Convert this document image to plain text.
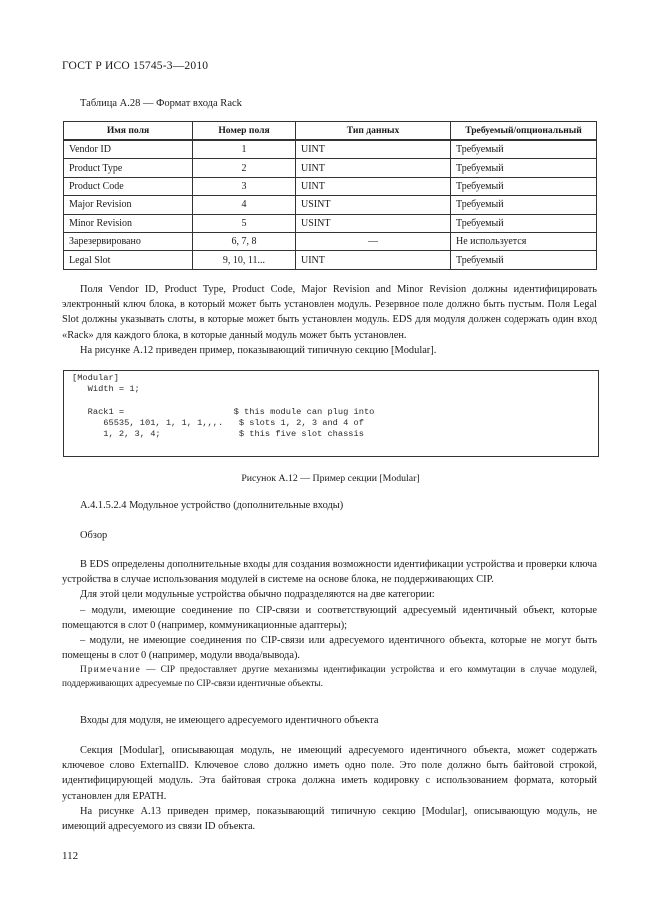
ГОСТ Р ИСО 15745-3—2010
Таблица А.28 — Формат входа Rack
Имя поля	Номер поля	Тип данных	Требуемый/опциональный

Vendor ID	1	UINT	Требуемый
Product Type	2	UINT	Требуемый
Product Code	3	UINT	Требуемый
Major Revision	4	USINT	Требуемый
Minor Revision	5	USINT	Требуемый
Зарезервировано	6, 7, 8	—	Не используется
Legal Slot	9, 10, 11...	UINT	Требуемый

Поля Vendor ID, Product Type, Product Code, Major Revision and Minor Revision должны идентифицировать электронный ключ блока, в который может быть установлен модуль. Резервное поле должно быть пустым. Поля Legal Slot должны указывать слоты, в которые может быть установлен модуль. EDS для модуля должен содержать один вход «Rack» для каждого блока, в которые данный модуль может быть установлен.

На рисунке А.12 приведен пример, показывающий типичную секцию [Modular].

[Modular]
Width = 1;

Rack1 =                     $ this module can plug into
65535, 101, 1, 1, 1,,,.   $ slots 1, 2, 3 and 4 of
1, 2, 3, 4;               $ this five slot chassis
Рисунок А.12 — Пример секции [Modular]
А.4.1.5.2.4 Модульное устройство (дополнительные входы)
Обзор

В EDS определены дополнительные входы для создания возможности идентификации устройства и проверки ключа устройства в случае использования модулей в системе на основе блока, не поддерживающих CIP.

Для этой цели модульные устройства обычно подразделяются на две категории:

– модули, имеющие соединение по CIP-связи и соответствующий адресуемый идентичный объект, которые помещаются в слот 0 (например, коммуникационные адаптеры);

– модули, не имеющие соединения по CIP-связи или адресуемого идентичного объекта, которые не могут быть помещены в слот 0 (например, модули ввода/вывода).

Примечание — CIP предоставляет другие механизмы идентификации устройства и его коммутации в случае модулей, поддерживающих адресуемые по CIP-связи идентичные объекты.

Входы для модуля, не имеющего адресуемого идентичного объекта

Секция [Modular], описывающая модуль, не имеющий адресуемого идентичного объекта, может содержать ключевое слово ExternalID. Ключевое слово должно иметь одно поле. Это поле должно быть байтовой строкой, идентифицирующей модуль. Эта байтовая строка должна иметь кодировку с использованием формата, который установлен для EPATH.

На рисунке А.13 приведен пример, показывающий типичную секцию [Modular], описывающую модуль, не имеющий адресуемого из связи ID объекта.

112
